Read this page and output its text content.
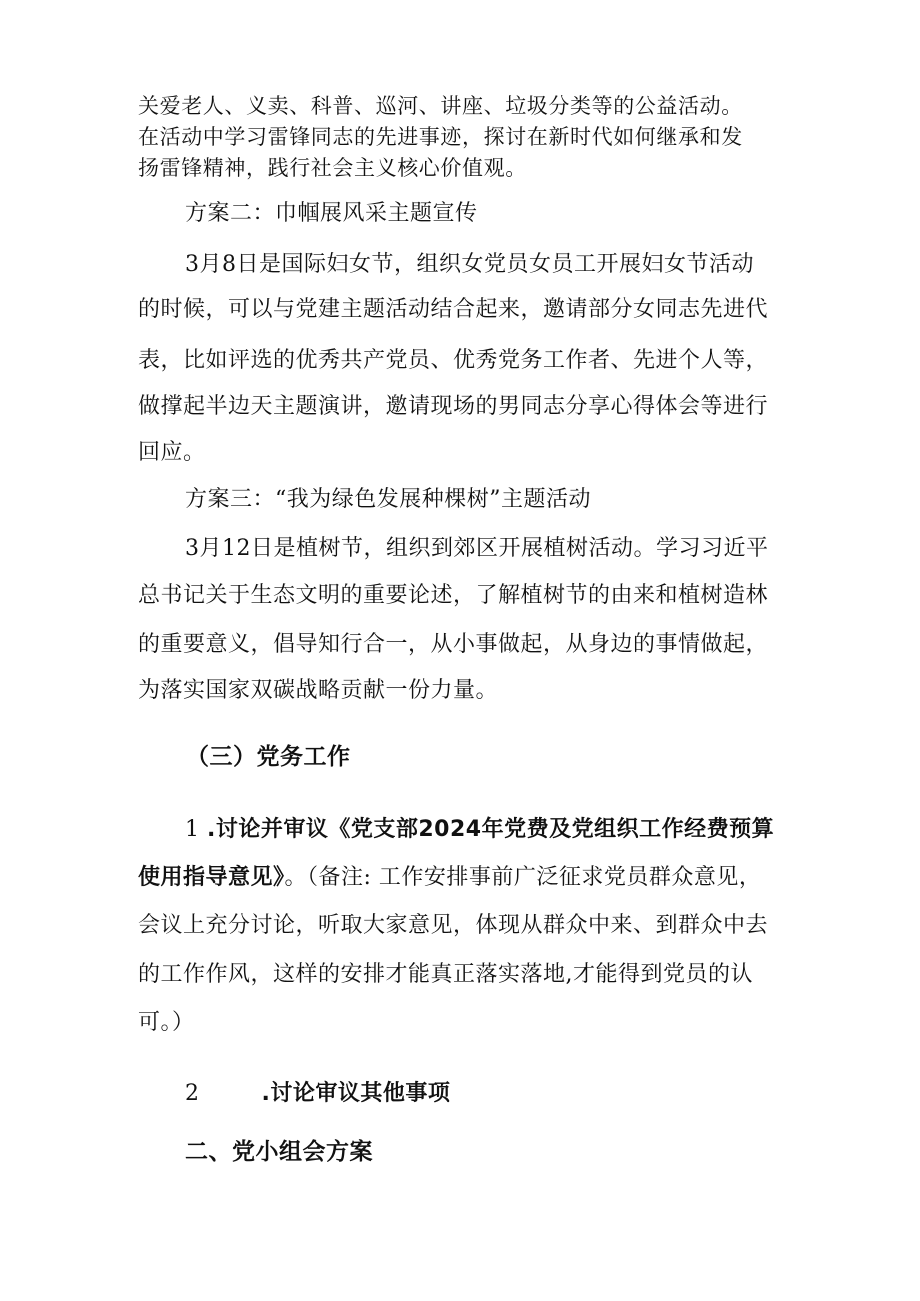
关爱老人、义卖、科普、巡河、讲座、垃圾分类等的公益活动。
在活动中学习雷锋同志的先进事迹，探讨在新时代如何继承和发
扬雷锋精神，践行社会主义核心价值观。
方案二：巾帼展风采主题宣传
3月8日是国际妇女节，组织女党员女员工开展妇女节活动
的时候，可以与党建主题活动结合起来，邀请部分女同志先进代
表，比如评选的优秀共产党员、优秀党务工作者、先进个人等，
做撑起半边天主题演讲，邀请现场的男同志分享心得体会等进行
回应。
方案三：“我为绿色发展种棵树”主题活动
3月12日是植树节，组织到郊区开展植树活动。学习习近平
总书记关于生态文明的重要论述，了解植树节的由来和植树造林
的重要意义，倡导知行合一，从小事做起，从身边的事情做起，
为落实国家双碳战略贡献一份力量。
（三）党务工作
1 .讨论并审议《党支部2024年党费及党组织工作经费预算
使用指导意见》。（备注: 工作安排事前广泛征求党员群众意见，
会议上充分讨论，听取大家意见，体现从群众中来、到群众中去
的工作作风，这样的安排才能真正落实落地,才能得到党员的认
可。）
2	.讨论审议其他事项
二、党小组会方案
